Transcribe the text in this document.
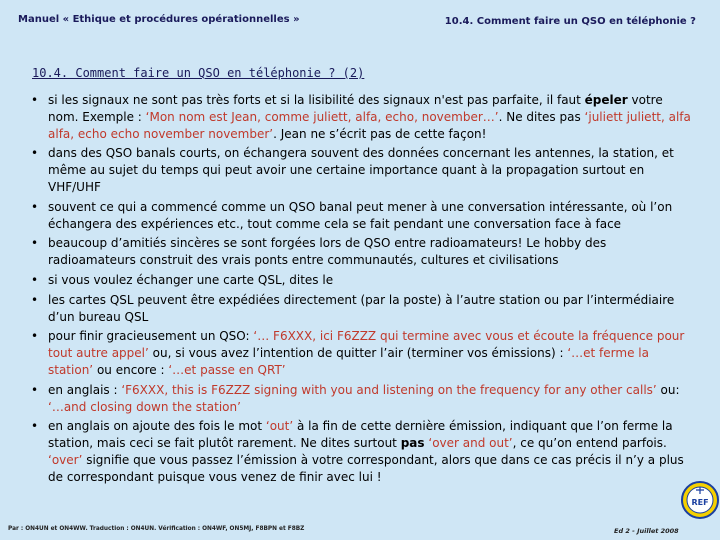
Manuel « Ethique et procédures opérationnelles »	10.4. Comment faire un QSO en téléphonie ?
10.4. Comment faire un QSO en téléphonie ? (2)
• si les signaux ne sont pas très forts et si la lisibilité des signaux n'est pas parfaite, il faut épeler votre nom. Exemple : ‘Mon nom est Jean, comme juliett, alfa, echo, november…’. Ne dites pas ‘juliett juliett, alfa alfa, echo echo november november’. Jean ne s’écrit pas de cette façon!
• dans des QSO banals courts, on échangera souvent des données concernant les antennes, la station, et même au sujet du temps qui peut avoir une certaine importance quant à la propagation surtout en VHF/UHF
• souvent ce qui a commencé comme un QSO banal peut mener à une conversation intéressante, où l’on échangera des expériences etc., tout comme cela se fait pendant une conversation face à face
• beaucoup d’amitiés sincères se sont forgées lors de QSO entre radioamateurs! Le hobby des radioamateurs construit des vrais ponts entre communautés, cultures et civilisations
• si vous voulez échanger une carte QSL, dites le
• les cartes QSL peuvent être expédiées directement (par la poste) à l’autre station ou par l’intermédiaire d’un bureau QSL
• pour finir gracieusement un QSO: ‘… F6XXX, ici F6ZZZ qui termine avec vous et écoute la fréquence pour tout autre appel’ ou, si vous avez l’intention de quitter l’air (terminer vos émissions) : ‘…et ferme la station’ ou encore : ‘…et passe en QRT’
• en anglais : ‘F6XXX, this is F6ZZZ signing with you and listening on the frequency for any other calls’ ou: ‘…and closing down the station’
• en anglais on ajoute des fois le mot ‘out’ à la fin de cette dernière émission, indiquant que l’on ferme la station, mais ceci se fait plutôt rarement. Ne dites surtout pas ‘over and out’, ce qu’on entend parfois. ‘over’ signifie que vous passez l’émission à votre correspondant, alors que dans ce cas précis il n’y a plus de correspondant puisque vous venez de finir avec lui !
Par : ON4UN et ON4WW. Traduction : ON4UN. Vérification : ON4WF, ON5MJ, F8BPN et F8BZ	Ed 2 - Juillet 2008
REF
